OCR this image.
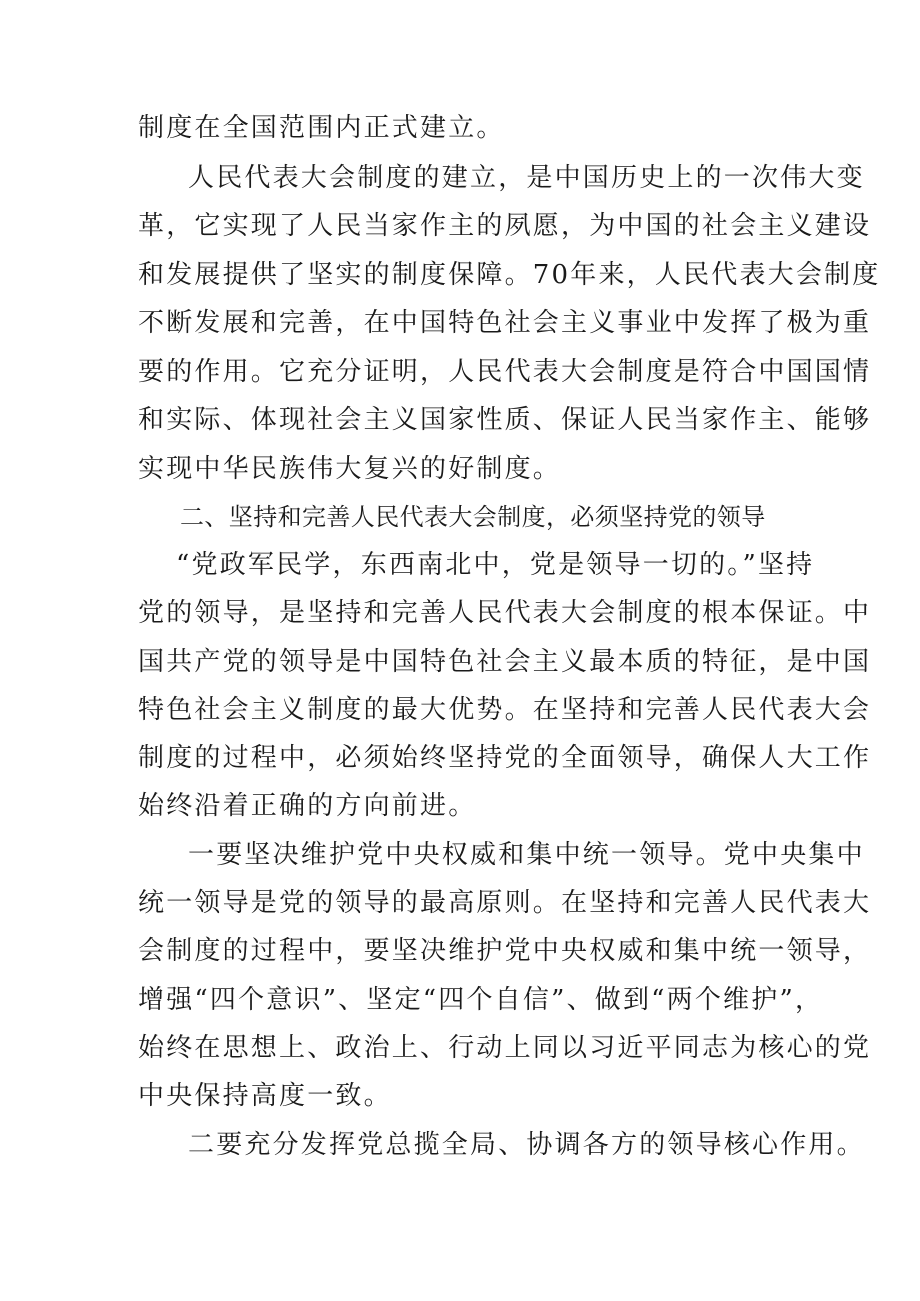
制度在全国范围内正式建立。

人民代表大会制度的建立，是中国历史上的一次伟大变

革，它实现了人民当家作主的夙愿，为中国的社会主义建设

和发展提供了坚实的制度保障。70年来，人民代表大会制度

不断发展和完善，在中国特色社会主义事业中发挥了极为重

要的作用。它充分证明，人民代表大会制度是符合中国国情

和实际、体现社会主义国家性质、保证人民当家作主、能够

实现中华民族伟大复兴的好制度。

二、坚持和完善人民代表大会制度，必须坚持党的领导

“党政军民学，东西南北中，党是领导一切的。”坚持

党的领导，是坚持和完善人民代表大会制度的根本保证。中

国共产党的领导是中国特色社会主义最本质的特征，是中国

特色社会主义制度的最大优势。在坚持和完善人民代表大会

制度的过程中，必须始终坚持党的全面领导，确保人大工作

始终沿着正确的方向前进。

一要坚决维护党中央权威和集中统一领导。党中央集中

统一领导是党的领导的最高原则。在坚持和完善人民代表大

会制度的过程中，要坚决维护党中央权威和集中统一领导，

增强“四个意识”、坚定“四个自信”、做到“两个维护”，

始终在思想上、政治上、行动上同以习近平同志为核心的党

中央保持高度一致。

二要充分发挥党总揽全局、协调各方的领导核心作用。
